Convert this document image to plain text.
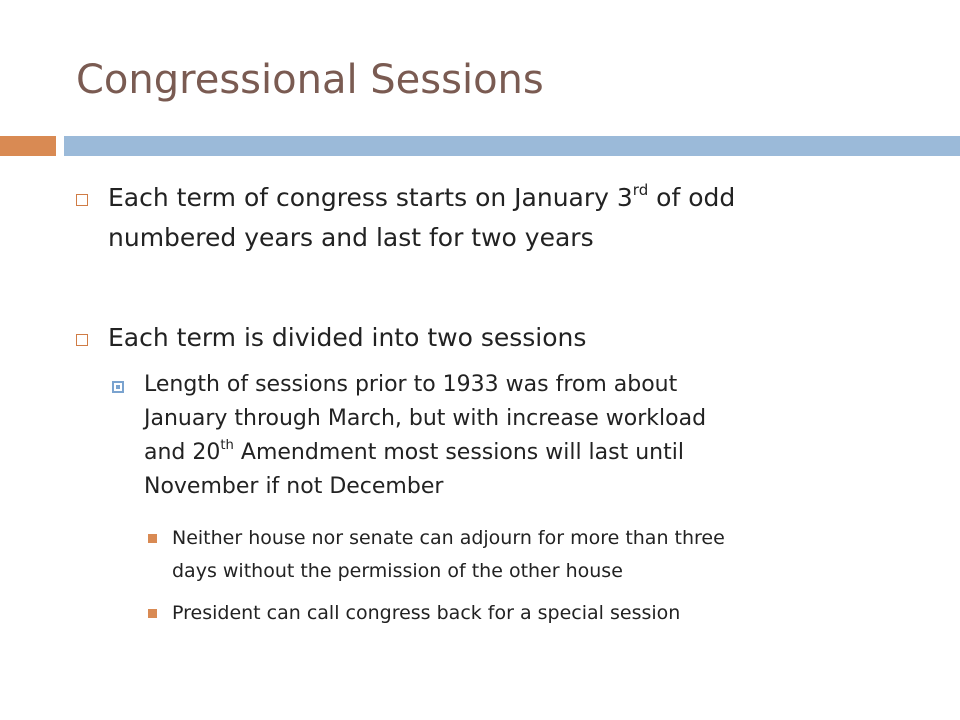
Congressional Sessions
Each term of congress starts on January 3rd of odd
numbered years and last for two years
Each term is divided into two sessions
Length of sessions prior to 1933 was from about
January through March, but with increase workload
and 20th Amendment most sessions will last until
November if not December
Neither house nor senate can adjourn for more than three
days without the permission of the other house
President can call congress back for a special session
